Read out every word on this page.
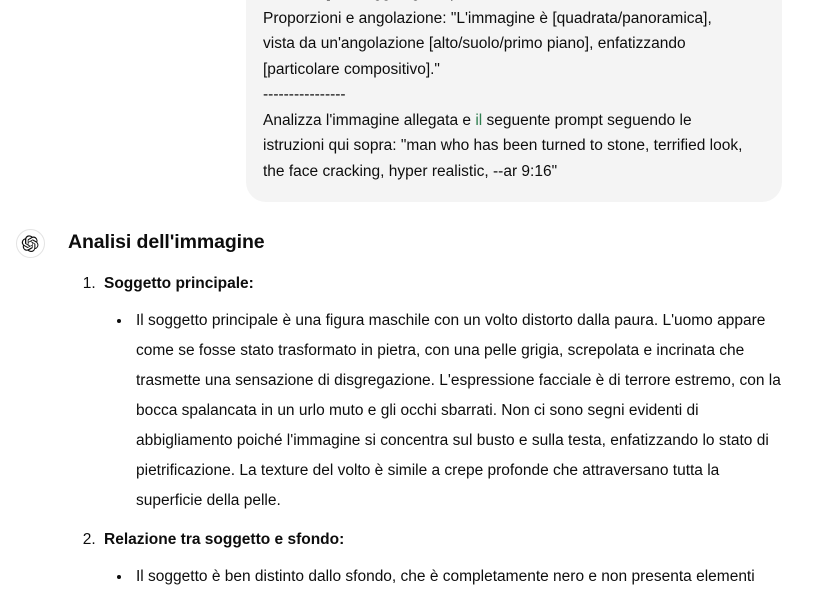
Proporzioni e angolazione: "L'immagine è [quadrata/panoramica],

vista da un'angolazione [alto/suolo/primo piano], enfatizzando

[particolare compositivo]."

----------------

Analizza l'immagine allegata e il seguente prompt seguendo le

istruzioni qui sopra: "man who has been turned to stone, terrified look,

the face cracking, hyper realistic, --ar 9:16"

Analisi dell'immagine
1. Soggetto principale:
• Il soggetto principale è una figura maschile con un volto distorto dalla paura. L'uomo appare come se fosse stato trasformato in pietra, con una pelle grigia, screpolata e incrinata che trasmette una sensazione di disgregazione. L'espressione facciale è di terrore estremo, con la bocca spalancata in un urlo muto e gli occhi sbarrati. Non ci sono segni evidenti di abbigliamento poiché l'immagine si concentra sul busto e sulla testa, enfatizzando lo stato di pietrificazione. La texture del volto è simile a crepe profonde che attraversano tutta la superficie della pelle.
2. Relazione tra soggetto e sfondo:
• Il soggetto è ben distinto dallo sfondo, che è completamente nero e non presenta elementi
